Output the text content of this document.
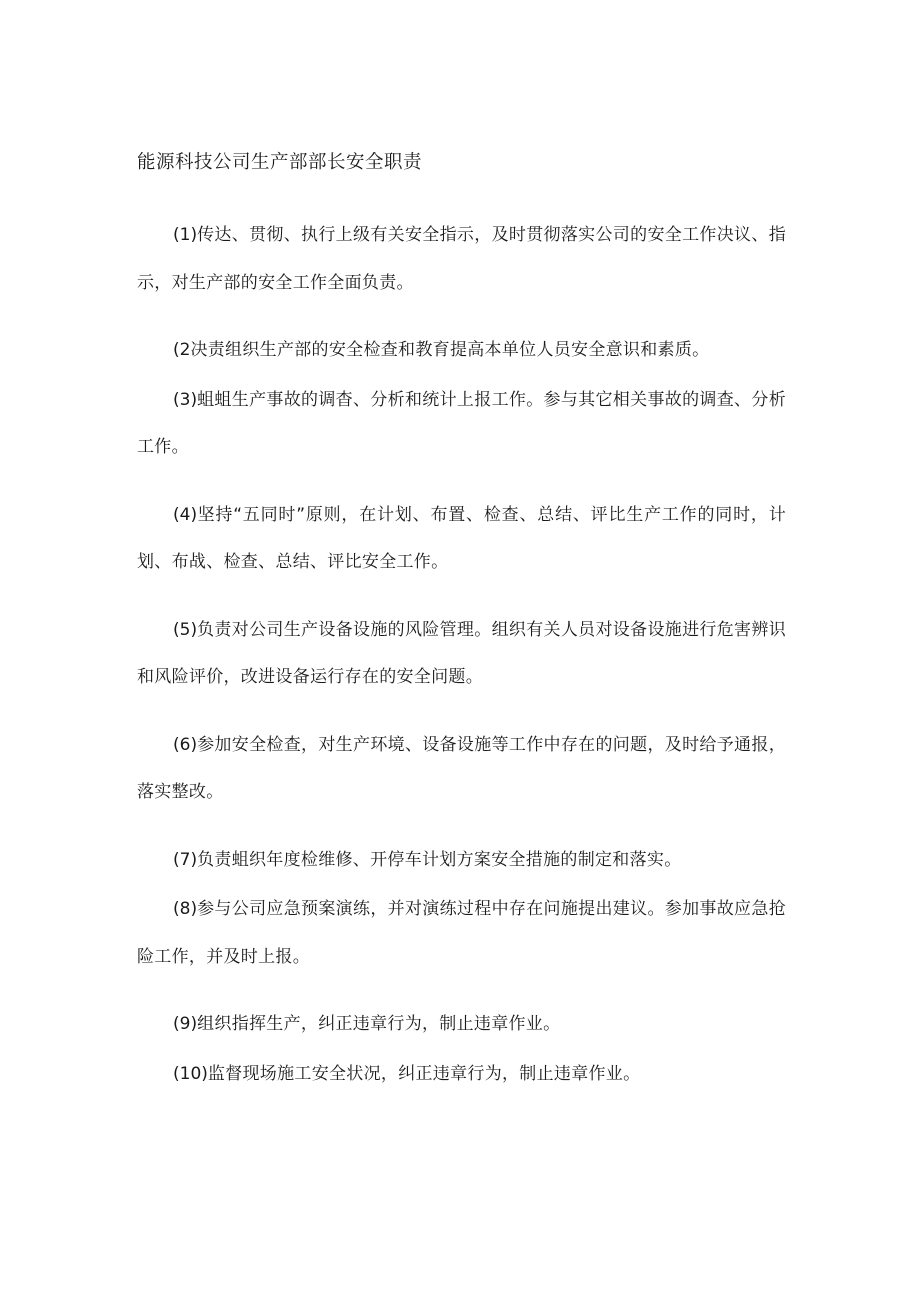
能源科技公司生产部部长安全职责
(1)传达、贯彻、执行上级有关安全指示，及时贯彻落实公司的安全工作决议、指示，对生产部的安全工作全面负责。
(2决责组织生产部的安全检查和教育提高本单位人员安全意识和素质。
(3)蛆蛆生产事故的调杳、分析和统计上报工作。参与其它相关事故的调查、分析工作。
(4)坚持“五同时”原则，在计划、布置、检查、总结、评比生产工作的同时，计划、布战、检查、总结、评比安全工作。
(5)负责对公司生产设备设施的风险管理。组织有关人员对设备设施进行危害辨识和风险评价，改进设备运行存在的安全问题。
(6)参加安全检查，对生产环境、设备设施等工作中存在的问题，及时给予通报，落实整改。
(7)负责蛆织年度检维修、开停车计划方案安全措施的制定和落实。
(8)参与公司应急预案演练，并对演练过程中存在问施提出建议。参加事故应急抢险工作，并及时上报。
(9)组织指挥生产，纠正违章行为，制止违章作业。
(10)监督现场施工安全状况，纠正违章行为，制止违章作业。
